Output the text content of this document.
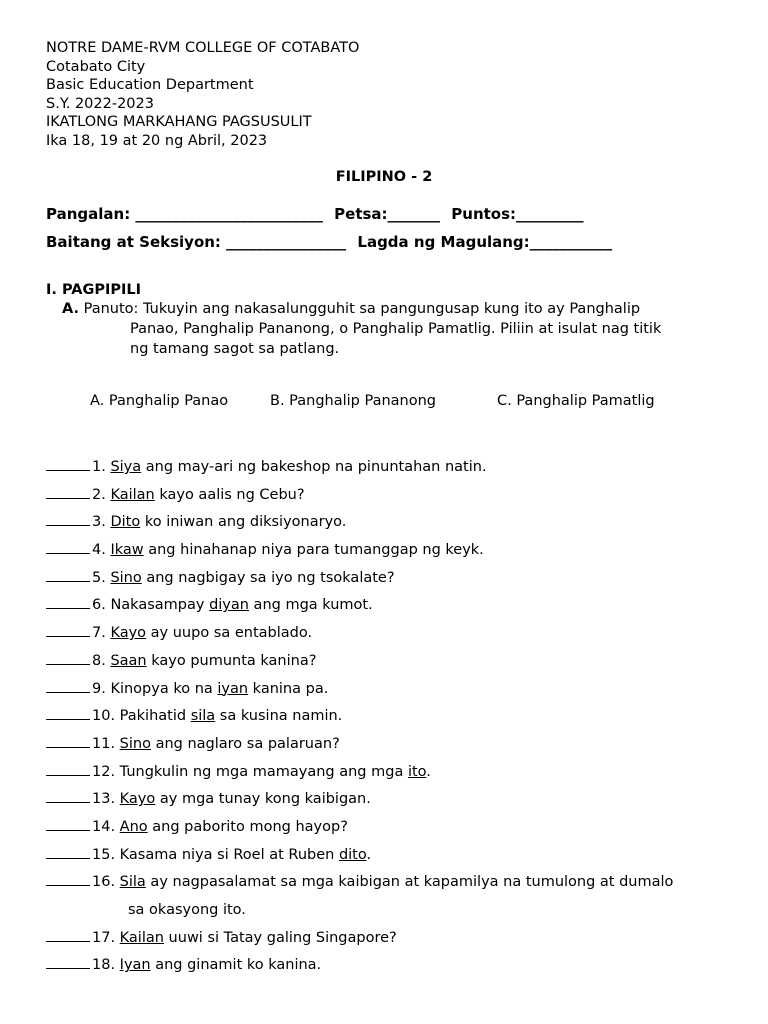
NOTRE DAME-RVM COLLEGE OF COTABATO
Cotabato City
Basic Education Department
S.Y. 2022-2023
IKATLONG MARKAHANG PAGSUSULIT
Ika 18, 19 at 20 ng Abril, 2023
FILIPINO - 2
Pangalan: _________________________ Petsa:_______ Puntos:_________
Baitang at Seksiyon: ________________ Lagda ng Magulang:___________
I. PAGPIPILI
A. Panuto: Tukuyin ang nakasalungguhit sa pangungusap kung ito ay Panghalip
Panao, Panghalip Pananong, o Panghalip Pamatlig. Piliin at isulat nag titik
ng tamang sagot sa patlang.
A. Panghalip Panao	B. Panghalip Pananong	C. Panghalip Pamatlig
1. Siya ang may-ari ng bakeshop na pinuntahan natin.
2. Kailan kayo aalis ng Cebu?
3. Dito ko iniwan ang diksiyonaryo.
4. Ikaw ang hinahanap niya para tumanggap ng keyk.
5. Sino ang nagbigay sa iyo ng tsokalate?
6. Nakasampay diyan ang mga kumot.
7. Kayo ay uupo sa entablado.
8. Saan kayo pumunta kanina?
9. Kinopya ko na iyan kanina pa.
10. Pakihatid sila sa kusina namin.
11. Sino ang naglaro sa palaruan?
12. Tungkulin ng mga mamayang ang mga ito.
13. Kayo ay mga tunay kong kaibigan.
14. Ano ang paborito mong hayop?
15. Kasama niya si Roel at Ruben dito.
16. Sila ay nagpasalamat sa mga kaibigan at kapamilya na tumulong at dumalo
sa okasyong ito.
17. Kailan uuwi si Tatay galing Singapore?
18. Iyan ang ginamit ko kanina.
